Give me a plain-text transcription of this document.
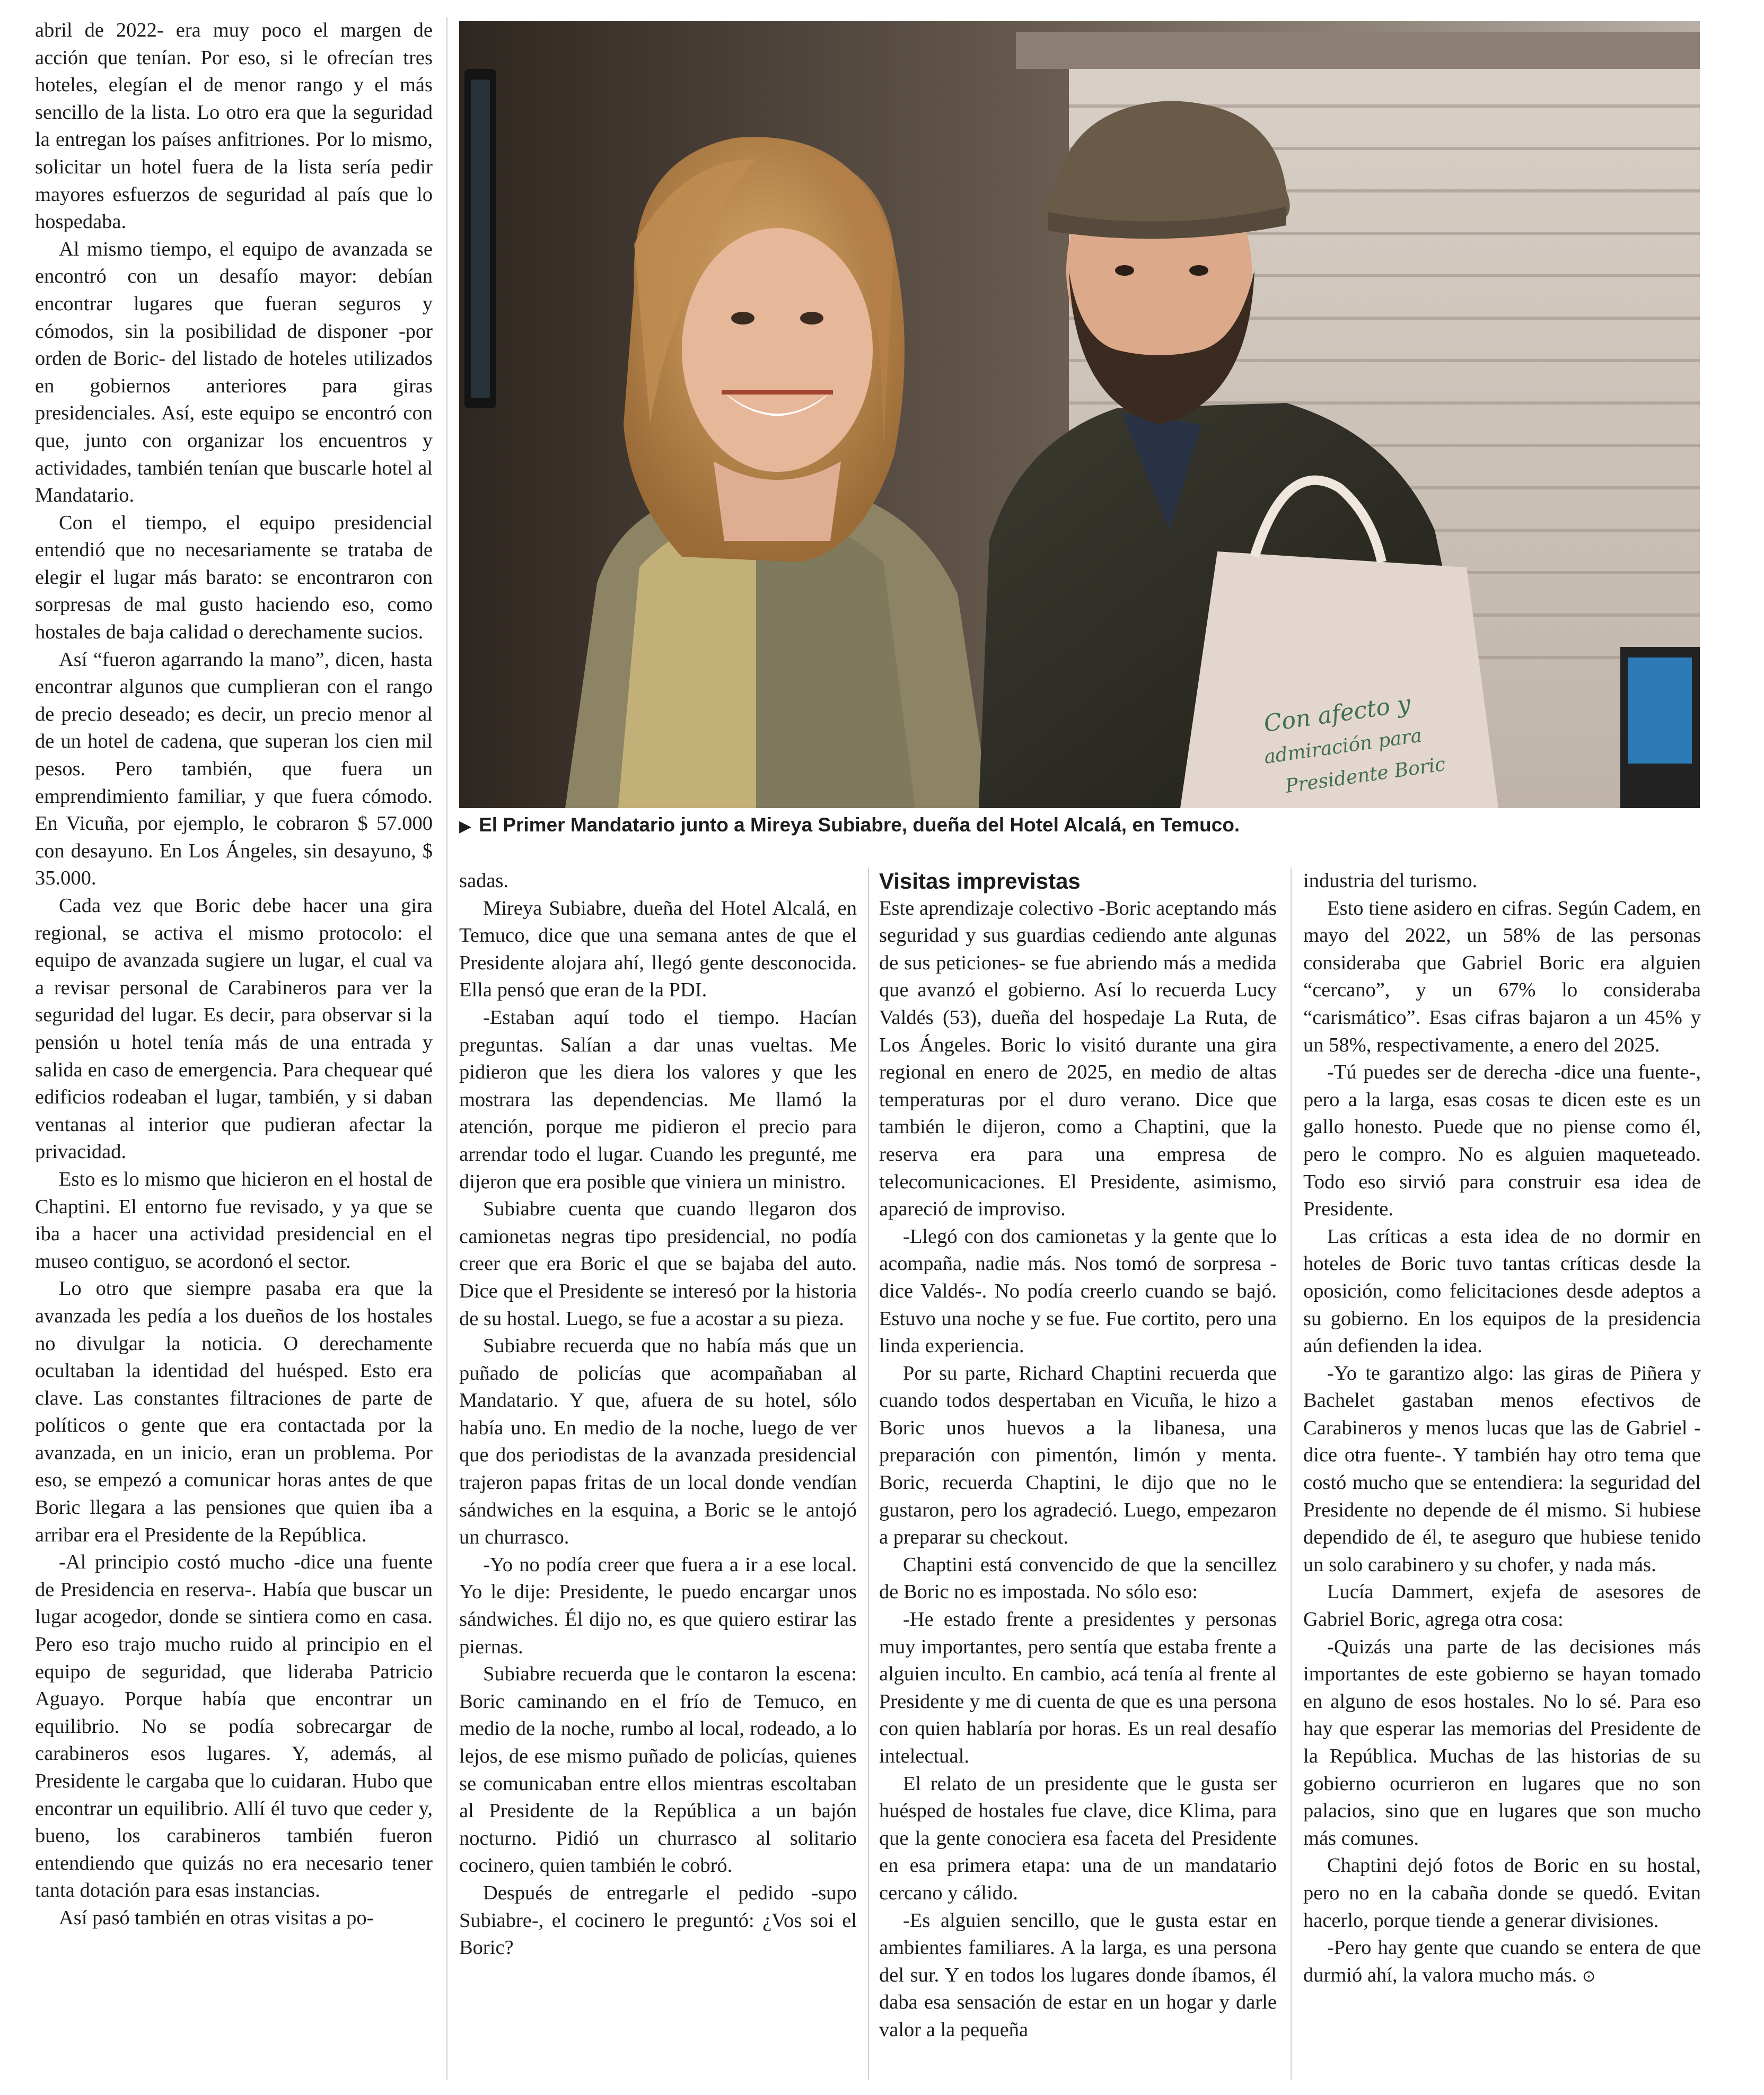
abril de 2022- era muy poco el margen de acción que tenían. Por eso, si le ofrecían tres hoteles, elegían el de menor rango y el más sencillo de la lista. Lo otro era que la seguridad la entregan los países anfitriones. Por lo mismo, solicitar un hotel fuera de la lista sería pedir mayores esfuerzos de seguridad al país que lo hospedaba.

Al mismo tiempo, el equipo de avanzada se encontró con un desafío mayor: debían encontrar lugares que fueran seguros y cómodos, sin la posibilidad de disponer -por orden de Boric- del listado de hoteles utilizados en gobiernos anteriores para giras presidenciales. Así, este equipo se encontró con que, junto con organizar los encuentros y actividades, también tenían que buscarle hotel al Mandatario.

Con el tiempo, el equipo presidencial entendió que no necesariamente se trataba de elegir el lugar más barato: se encontraron con sorpresas de mal gusto haciendo eso, como hostales de baja calidad o derechamente sucios.

Así “fueron agarrando la mano”, dicen, hasta encontrar algunos que cumplieran con el rango de precio deseado; es decir, un precio menor al de un hotel de cadena, que superan los cien mil pesos. Pero también, que fuera un emprendimiento familiar, y que fuera cómodo. En Vicuña, por ejemplo, le cobraron $ 57.000 con desayuno. En Los Ángeles, sin desayuno, $ 35.000.

Cada vez que Boric debe hacer una gira regional, se activa el mismo protocolo: el equipo de avanzada sugiere un lugar, el cual va a revisar personal de Carabineros para ver la seguridad del lugar. Es decir, para observar si la pensión u hotel tenía más de una entrada y salida en caso de emergencia. Para chequear qué edificios rodeaban el lugar, también, y si daban ventanas al interior que pudieran afectar la privacidad.

Esto es lo mismo que hicieron en el hostal de Chaptini. El entorno fue revisado, y ya que se iba a hacer una actividad presidencial en el museo contiguo, se acordonó el sector.

Lo otro que siempre pasaba era que la avanzada les pedía a los dueños de los hostales no divulgar la noticia. O derechamente ocultaban la identidad del huésped. Esto era clave. Las constantes filtraciones de parte de políticos o gente que era contactada por la avanzada, en un inicio, eran un problema. Por eso, se empezó a comunicar horas antes de que Boric llegara a las pensiones que quien iba a arribar era el Presidente de la República.

-Al principio costó mucho -dice una fuente de Presidencia en reserva-. Había que buscar un lugar acogedor, donde se sintiera como en casa. Pero eso trajo mucho ruido al principio en el equipo de seguridad, que lideraba Patricio Aguayo. Porque había que encontrar un equilibrio. No se podía sobrecargar de carabineros esos lugares. Y, además, al Presidente le cargaba que lo cuidaran. Hubo que encontrar un equilibrio. Allí él tuvo que ceder y, bueno, los carabineros también fueron entendiendo que quizás no era necesario tener tanta dotación para esas instancias.

Así pasó también en otras visitas a po-

Con afecto y
admiración para
Presidente Boric
▶ El Primer Mandatario junto a Mireya Subiabre, dueña del Hotel Alcalá, en Temuco.

sadas.

Mireya Subiabre, dueña del Hotel Alcalá, en Temuco, dice que una semana antes de que el Presidente alojara ahí, llegó gente desconocida. Ella pensó que eran de la PDI.

-Estaban aquí todo el tiempo. Hacían preguntas. Salían a dar unas vueltas. Me pidieron que les diera los valores y que les mostrara las dependencias. Me llamó la atención, porque me pidieron el precio para arrendar todo el lugar. Cuando les pregunté, me dijeron que era posible que viniera un ministro.

Subiabre cuenta que cuando llegaron dos camionetas negras tipo presidencial, no podía creer que era Boric el que se bajaba del auto. Dice que el Presidente se interesó por la historia de su hostal. Luego, se fue a acostar a su pieza.

Subiabre recuerda que no había más que un puñado de policías que acompañaban al Mandatario. Y que, afuera de su hotel, sólo había uno. En medio de la noche, luego de ver que dos periodistas de la avanzada presidencial trajeron papas fritas de un local donde vendían sándwiches en la esquina, a Boric se le antojó un churrasco.

-Yo no podía creer que fuera a ir a ese local. Yo le dije: Presidente, le puedo encargar unos sándwiches. Él dijo no, es que quiero estirar las piernas.

Subiabre recuerda que le contaron la escena: Boric caminando en el frío de Temuco, en medio de la noche, rumbo al local, rodeado, a lo lejos, de ese mismo puñado de policías, quienes se comunicaban entre ellos mientras escoltaban al Presidente de la República a un bajón nocturno. Pidió un churrasco al solitario cocinero, quien también le cobró.

Después de entregarle el pedido -supo Subiabre-, el cocinero le preguntó: ¿Vos soi el Boric?

Visitas imprevistas

Este aprendizaje colectivo -Boric aceptando más seguridad y sus guardias cediendo ante algunas de sus peticiones- se fue abriendo más a medida que avanzó el gobierno. Así lo recuerda Lucy Valdés (53), dueña del hospedaje La Ruta, de Los Ángeles. Boric lo visitó durante una gira regional en enero de 2025, en medio de altas temperaturas por el duro verano. Dice que también le dijeron, como a Chaptini, que la reserva era para una empresa de telecomunicaciones. El Presidente, asimismo, apareció de improviso.

-Llegó con dos camionetas y la gente que lo acompaña, nadie más. Nos tomó de sorpresa -dice Valdés-. No podía creerlo cuando se bajó. Estuvo una noche y se fue. Fue cortito, pero una linda experiencia.

Por su parte, Richard Chaptini recuerda que cuando todos despertaban en Vicuña, le hizo a Boric unos huevos a la libanesa, una preparación con pimentón, limón y menta. Boric, recuerda Chaptini, le dijo que no le gustaron, pero los agradeció. Luego, empezaron a preparar su checkout.

Chaptini está convencido de que la sencillez de Boric no es impostada. No sólo eso:

-He estado frente a presidentes y personas muy importantes, pero sentía que estaba frente a alguien inculto. En cambio, acá tenía al frente al Presidente y me di cuenta de que es una persona con quien hablaría por horas. Es un real desafío intelectual.

El relato de un presidente que le gusta ser huésped de hostales fue clave, dice Klima, para que la gente conociera esa faceta del Presidente en esa primera etapa: una de un mandatario cercano y cálido.

-Es alguien sencillo, que le gusta estar en ambientes familiares. A la larga, es una persona del sur. Y en todos los lugares donde íbamos, él daba esa sensación de estar en un hogar y darle valor a la pequeña

industria del turismo.

Esto tiene asidero en cifras. Según Cadem, en mayo del 2022, un 58% de las personas consideraba que Gabriel Boric era alguien “cercano”, y un 67% lo consideraba “carismático”. Esas cifras bajaron a un 45% y un 58%, respectivamente, a enero del 2025.

-Tú puedes ser de derecha -dice una fuente-, pero a la larga, esas cosas te dicen este es un gallo honesto. Puede que no piense como él, pero le compro. No es alguien maqueteado. Todo eso sirvió para construir esa idea de Presidente.

Las críticas a esta idea de no dormir en hoteles de Boric tuvo tantas críticas desde la oposición, como felicitaciones desde adeptos a su gobierno. En los equipos de la presidencia aún defienden la idea.

-Yo te garantizo algo: las giras de Piñera y Bachelet gastaban menos efectivos de Carabineros y menos lucas que las de Gabriel -dice otra fuente-. Y también hay otro tema que costó mucho que se entendiera: la seguridad del Presidente no depende de él mismo. Si hubiese dependido de él, te aseguro que hubiese tenido un solo carabinero y su chofer, y nada más.

Lucía Dammert, exjefa de asesores de Gabriel Boric, agrega otra cosa:

-Quizás una parte de las decisiones más importantes de este gobierno se hayan tomado en alguno de esos hostales. No lo sé. Para eso hay que esperar las memorias del Presidente de la República. Muchas de las historias de su gobierno ocurrieron en lugares que no son palacios, sino que en lugares que son mucho más comunes.

Chaptini dejó fotos de Boric en su hostal, pero no en la cabaña donde se quedó. Evitan hacerlo, porque tiende a generar divisiones.

-Pero hay gente que cuando se entera de que durmió ahí, la valora mucho más. ⊙
